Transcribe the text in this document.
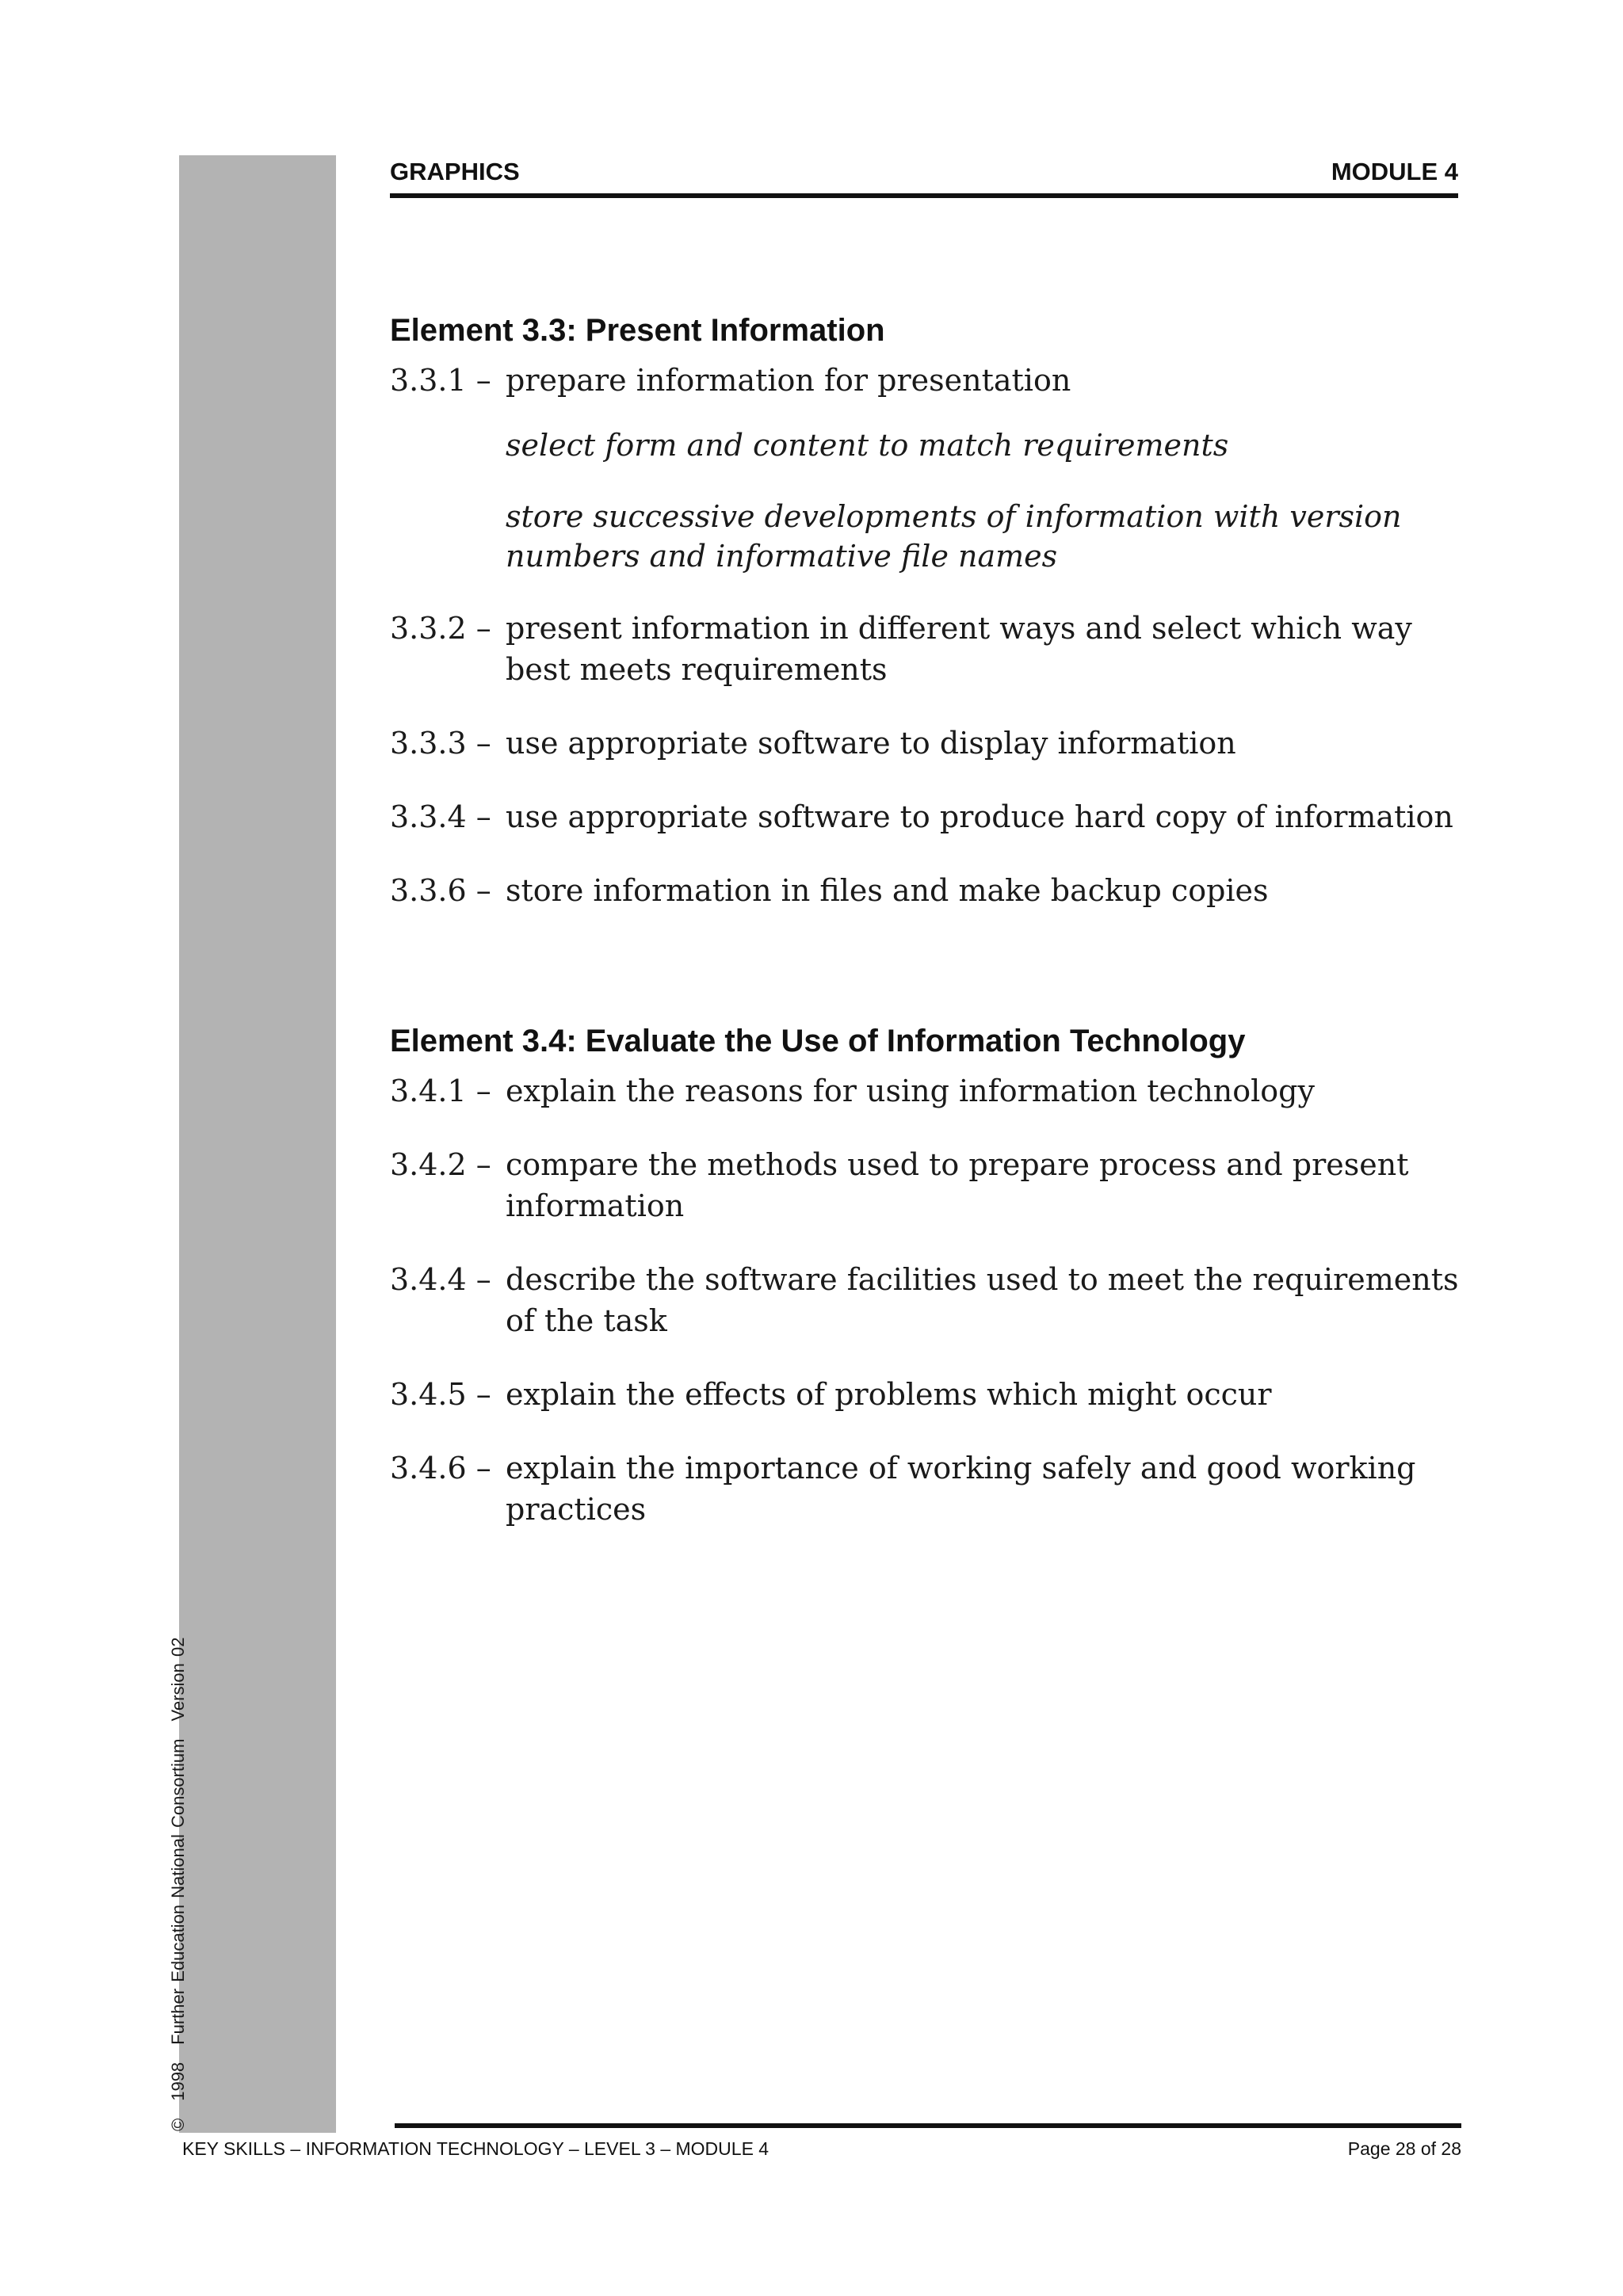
©1998Further Education National ConsortiumVersion 02
GRAPHICS	MODULE 4
Element 3.3: Present Information
3.3.1 – prepare information for presentation
select form and content to match requirements
store successive developments of information with version numbers and informative file names
3.3.2 – present information in different ways and select which way best meets requirements
3.3.3 – use appropriate software to display information
3.3.4 – use appropriate software to produce hard copy of information
3.3.6 – store information in files and make backup copies
Element 3.4: Evaluate the Use of Information Technology
3.4.1 – explain the reasons for using information technology
3.4.2 – compare the methods used to prepare process and present information
3.4.4 – describe the software facilities used to meet the requirements of the task
3.4.5 – explain the effects of problems which might occur
3.4.6 – explain the importance of working safely and good working practices
KEY SKILLS – INFORMATION TECHNOLOGY – LEVEL 3 – MODULE 4	Page 28 of 28
